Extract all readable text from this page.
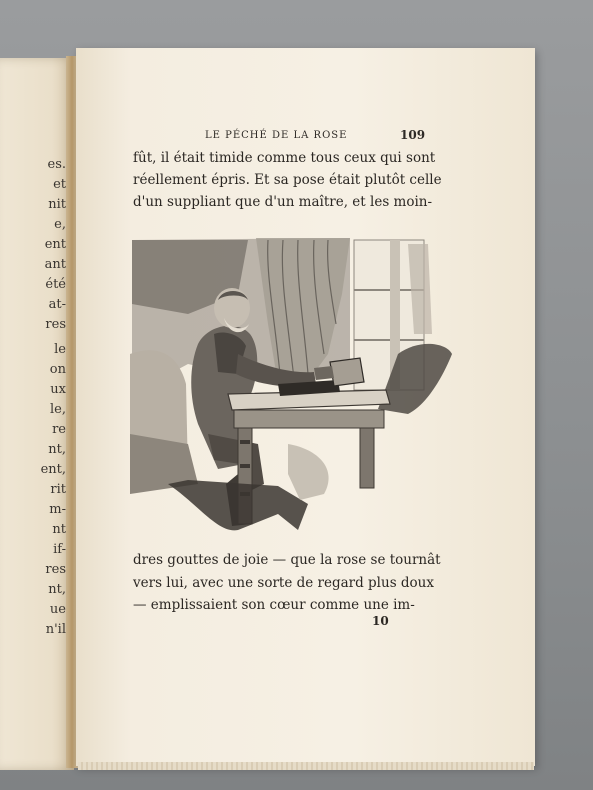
es.

et

nit

e,

ent

ant

été

at-

res

le

on

ux

le,

re

nt,

ent,

rit

m-

nt

if-

res

nt,

ue

n'il

LE PÉCHÉ DE LA ROSE	109

fût, il était timide comme tous ceux qui sont

réellement épris. Et sa pose était plutôt celle

d'un suppliant que d'un maître, et les moin-

dres gouttes de joie — que la rose se tournât

vers lui, avec une sorte de regard plus doux

— emplissaient son cœur comme une im-

10
